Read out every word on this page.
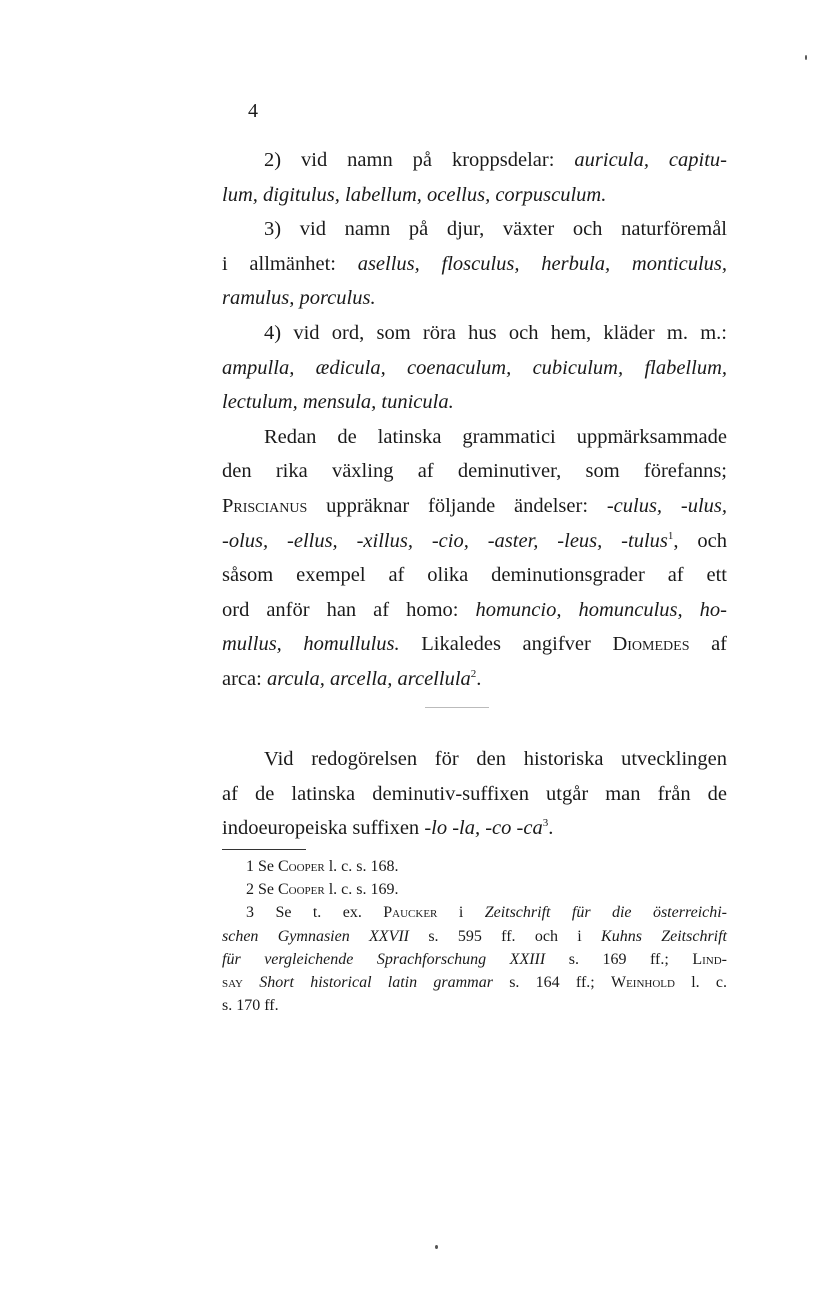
4
2) vid namn på kroppsdelar: auricula, capitu-
lum, digitulus, labellum, ocellus, corpusculum.
3) vid namn på djur, växter och naturföremål
i allmänhet: asellus, flosculus, herbula, monticulus,
ramulus, porculus.
4) vid ord, som röra hus och hem, kläder m. m.:
ampulla, ædicula, coenaculum, cubiculum, flabellum,
lectulum, mensula, tunicula.
Redan de latinska grammatici uppmärksammade
den rika växling af deminutiver, som förefanns;
Priscianus uppräknar följande ändelser: -culus, -ulus,
-olus, -ellus, -xillus, -cio, -aster, -leus, -tulus$^1$, och
såsom exempel af olika deminutionsgrader af ett
ord anför han af homo: homuncio, homunculus, ho-
mullus, homullulus. Likaledes angifver Diomedes af
arca: arcula, arcella, arcellula$^2$.
Vid redogörelsen för den historiska utvecklingen
af de latinska deminutiv-suffixen utgår man från de
indoeuropeiska suffixen -lo -la, -co $-ca^3$.
1 Se Cooper l. c. s. 168.
2 Se Cooper l. c. s. 169.
3 Se t. ex. Paucker i Zeitschrift für die österreichi-
schen Gymnasien XXVII s. 595 ff. och i Kuhns Zeitschrift
für vergleichende Sprachforschung XXIII s. 169 ff.; Lind-
say Short historical latin grammar s. 164 ff.; Weinhold l. c.
s. 170 ff.
